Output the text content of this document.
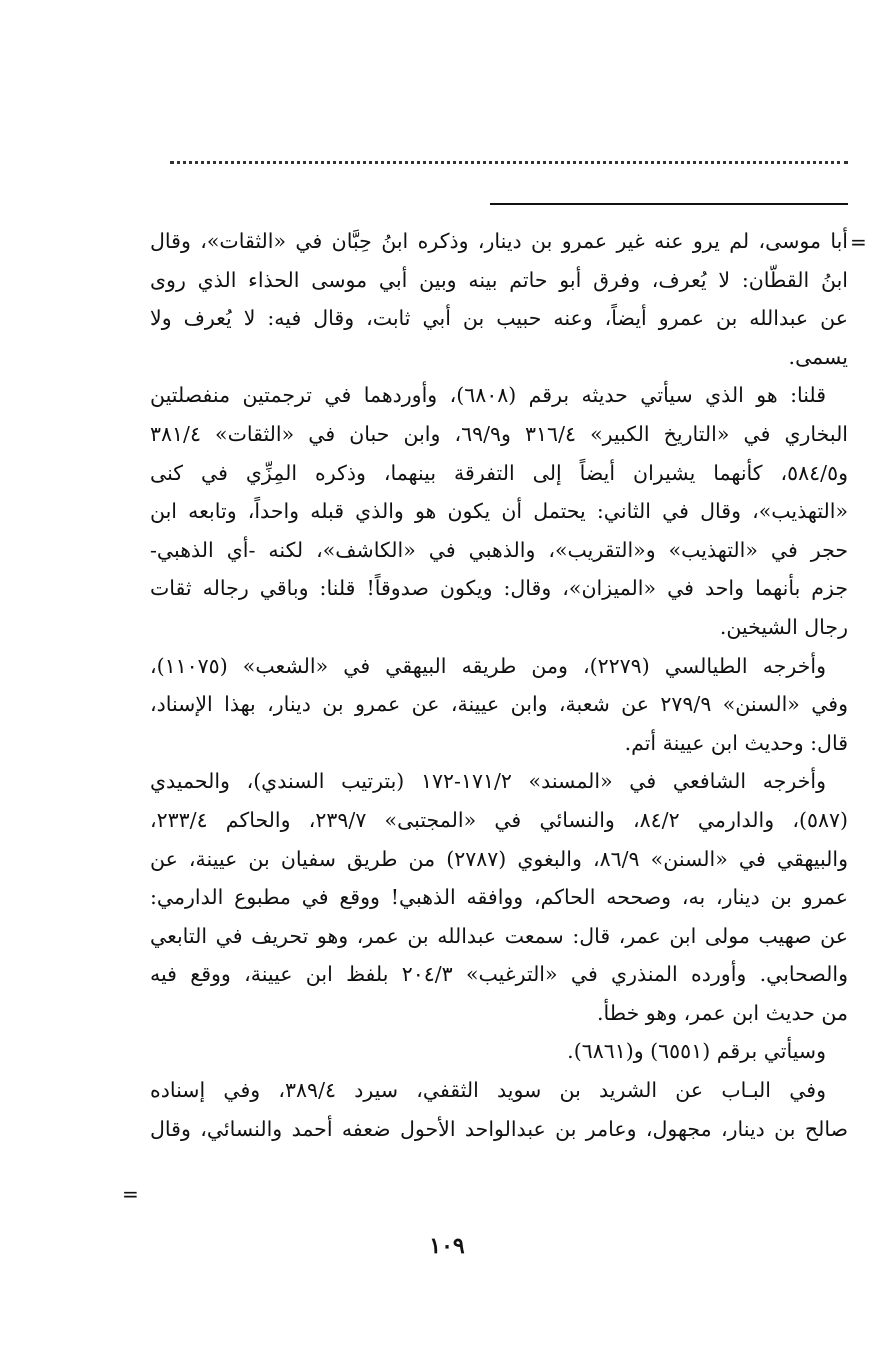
=
أبا موسى، لم يرو عنه غير عمرو بن دينار، وذكره ابنُ حِبَّان في «الثقات»، وقال
ابنُ القطّان: لا يُعرف، وفرق أبو حاتم بينه وبين أبي موسى الحذاء الذي روى
عن عبدالله بن عمرو أيضاً، وعنه حبيب بن أبي ثابت، وقال فيه: لا يُعرف ولا
يسمى.
قلنا: هو الذي سيأتي حديثه برقم (٦٨٠٨)، وأوردهما في ترجمتين منفصلتين
البخاري في «التاريخ الكبير» ٣١٦/٤ و٦٩/٩، وابن حبان في «الثقات» ٣٨١/٤
و٥٨٤/٥، كأنهما يشيران أيضاً إلى التفرقة بينهما، وذكره المِزِّي في كنى
«التهذيب»، وقال في الثاني: يحتمل أن يكون هو والذي قبله واحداً، وتابعه ابن
حجر في «التهذيب» و«التقريب»، والذهبي في «الكاشف»، لكنه -أي الذهبي-
جزم بأنهما واحد في «الميزان»، وقال: ويكون صدوقاً! قلنا: وباقي رجاله ثقات
رجال الشيخين.
وأخرجه الطيالسي (٢٢٧٩)، ومن طريقه البيهقي في «الشعب» (١١٠٧٥)،
وفي «السنن» ٢٧٩/٩ عن شعبة، وابن عيينة، عن عمرو بن دينار، بهذا الإسناد،
قال: وحديث ابن عيينة أتم.
وأخرجه الشافعي في «المسند» ١٧١/٢-١٧٢ (بترتيب السندي)، والحميدي
(٥٨٧)، والدارمي ٨٤/٢، والنسائي في «المجتبى» ٢٣٩/٧، والحاكم ٢٣٣/٤،
والبيهقي في «السنن» ٨٦/٩، والبغوي (٢٧٨٧) من طريق سفيان بن عيينة، عن
عمرو بن دينار، به، وصححه الحاكم، ووافقه الذهبي! ووقع في مطبوع الدارمي:
عن صهيب مولى ابن عمر، قال: سمعت عبدالله بن عمر، وهو تحريف في التابعي
والصحابي. وأورده المنذري في «الترغيب» ٢٠٤/٣ بلفظ ابن عيينة، ووقع فيه
من حديث ابن عمر، وهو خطأ.
وسيأتي برقم (٦٥٥١) و(٦٨٦١).
وفي البـاب عن الشريد بن سويد الثقفي، سيرد ٣٨٩/٤، وفي إسناده
صالح بن دينار، مجهول، وعامر بن عبدالواحد الأحول ضعفه أحمد والنسائي، وقال
=
١٠٩
